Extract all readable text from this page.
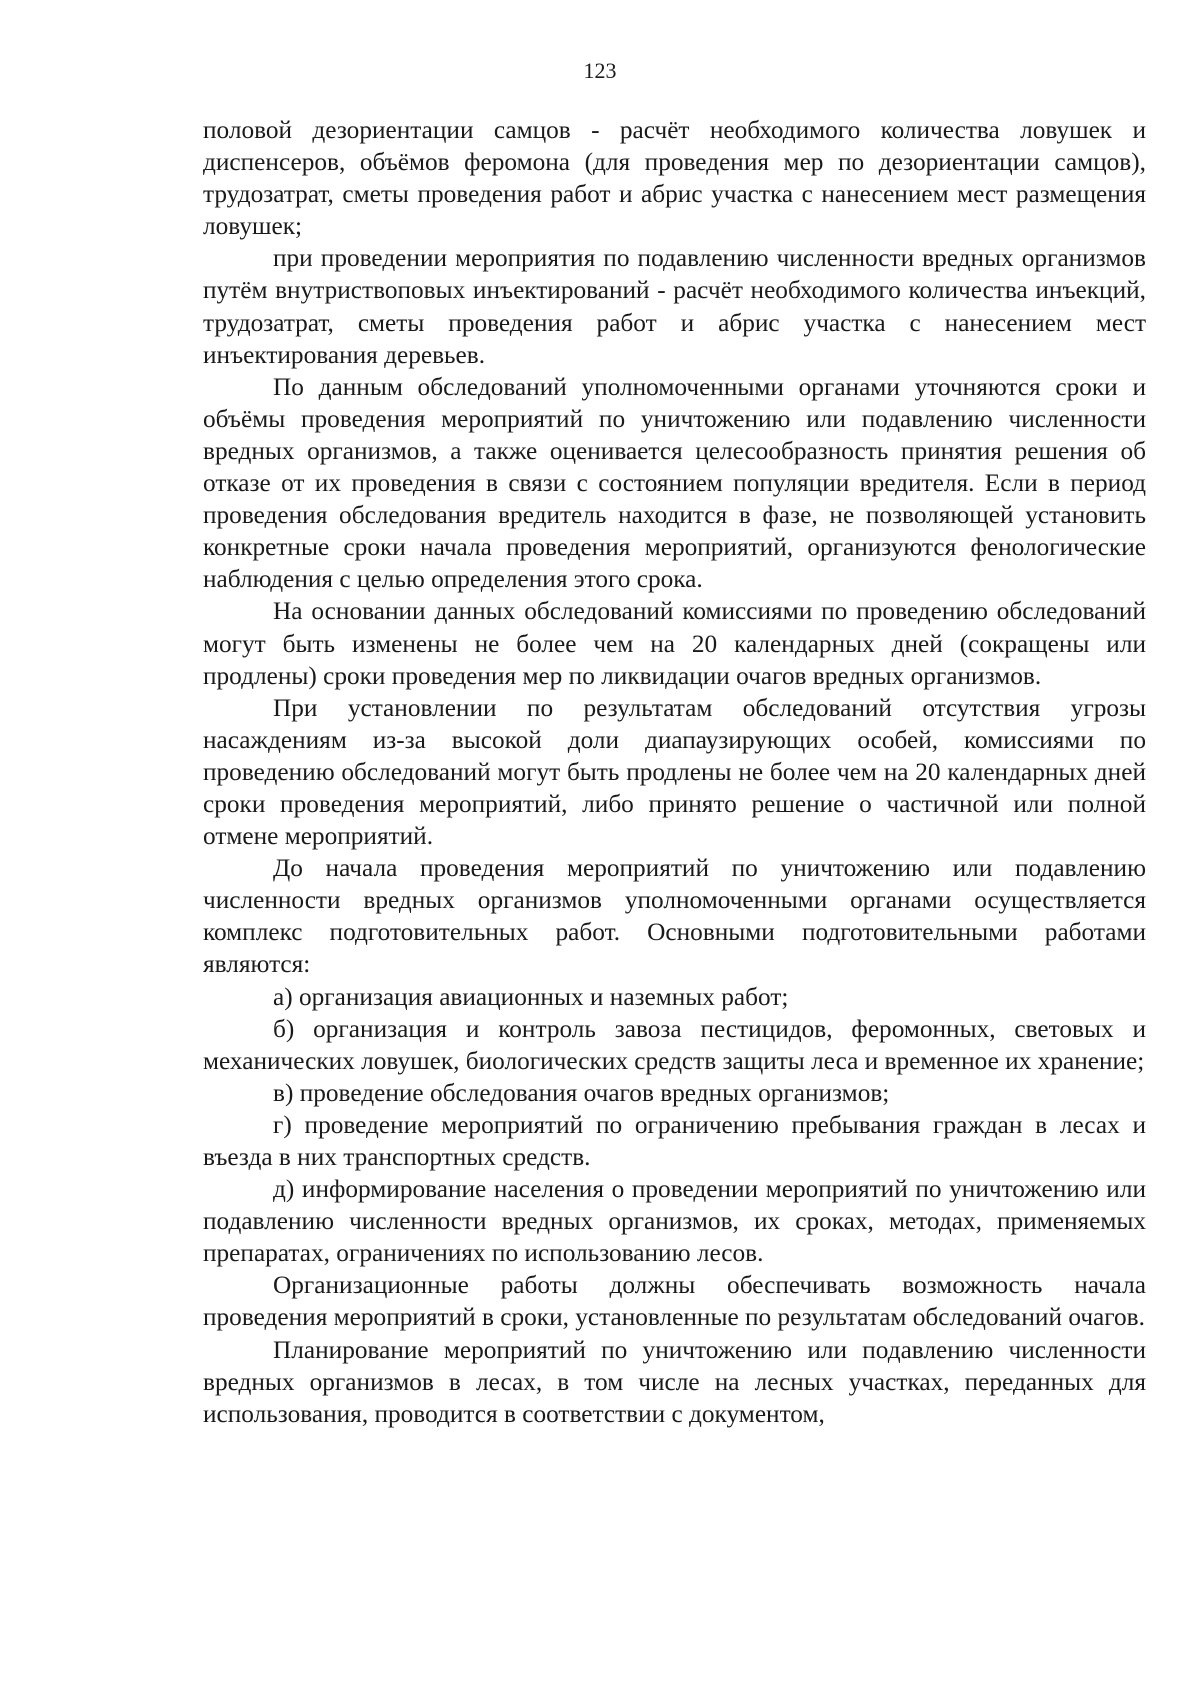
123

половой дезориентации самцов - расчёт необходимого количества ловушек и диспенсеров, объёмов феромона (для проведения мер по дезориентации самцов), трудозатрат, сметы проведения работ и абрис участка с нанесением мест размещения ловушек;

при проведении мероприятия по подавлению численности вредных организмов путём внутриствоповых инъектирований - расчёт необходимого количества инъекций, трудозатрат, сметы проведения работ и абрис участка с нанесением мест инъектирования деревьев.

По данным обследований уполномоченными органами уточняются сроки и объёмы проведения мероприятий по уничтожению или подавлению численности вредных организмов, а также оценивается целесообразность принятия решения об отказе от их проведения в связи с состоянием популяции вредителя. Если в период проведения обследования вредитель находится в фазе, не позволяющей установить конкретные сроки начала проведения мероприятий, организуются фенологические наблюдения с целью определения этого срока.

На основании данных обследований комиссиями по проведению обследований могут быть изменены не более чем на 20 календарных дней (сокращены или продлены) сроки проведения мер по ликвидации очагов вредных организмов.

При установлении по результатам обследований отсутствия угрозы насаждениям из-за высокой доли диапаузирующих особей, комиссиями по проведению обследований могут быть продлены не более чем на 20 календарных дней сроки проведения мероприятий, либо принято решение о частичной или полной отмене мероприятий.

До начала проведения мероприятий по уничтожению или подавлению численности вредных организмов уполномоченными органами осуществляется комплекс подготовительных работ. Основными подготовительными работами являются:

а) организация авиационных и наземных работ;

б) организация и контроль завоза пестицидов, феромонных, световых и механических ловушек, биологических средств защиты леса и временное их хранение;

в) проведение обследования очагов вредных организмов;

г) проведение мероприятий по ограничению пребывания граждан в лесах и въезда в них транспортных средств.

д) информирование населения о проведении мероприятий по уничтожению или подавлению численности вредных организмов, их сроках, методах, применяемых препаратах, ограничениях по использованию лесов.

Организационные работы должны обеспечивать возможность начала проведения мероприятий в сроки, установленные по результатам обследований очагов.

Планирование мероприятий по уничтожению или подавлению численности вредных организмов в лесах, в том числе на лесных участках, переданных для использования, проводится в соответствии с документом,
